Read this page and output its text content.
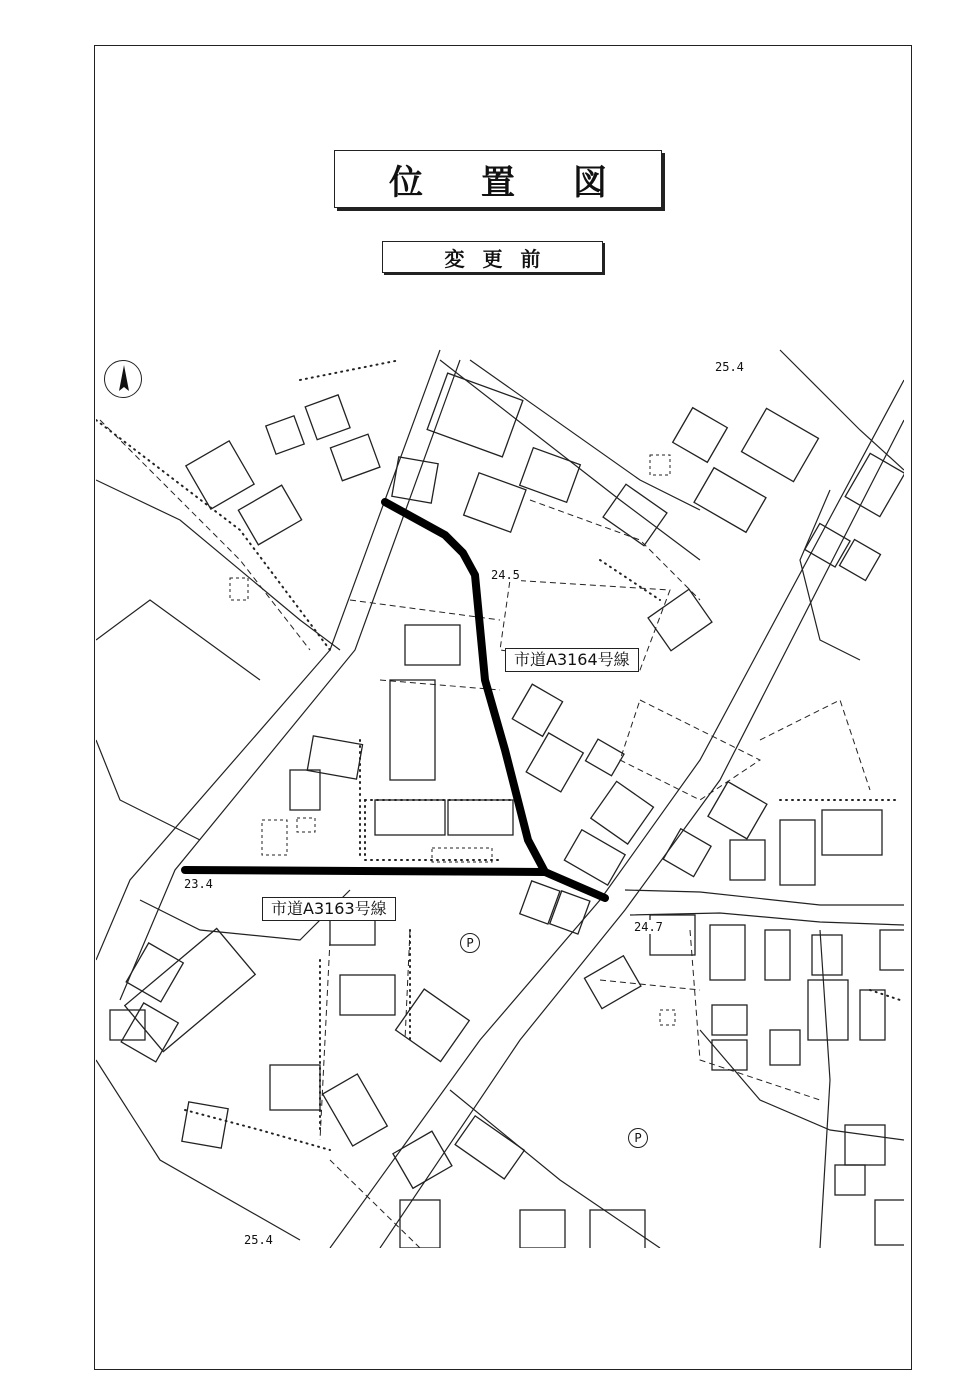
位置図
変更前
市道A3164号線
市道A3163号線
25.4
24.5
23.4
24.7
25.4
P
P
